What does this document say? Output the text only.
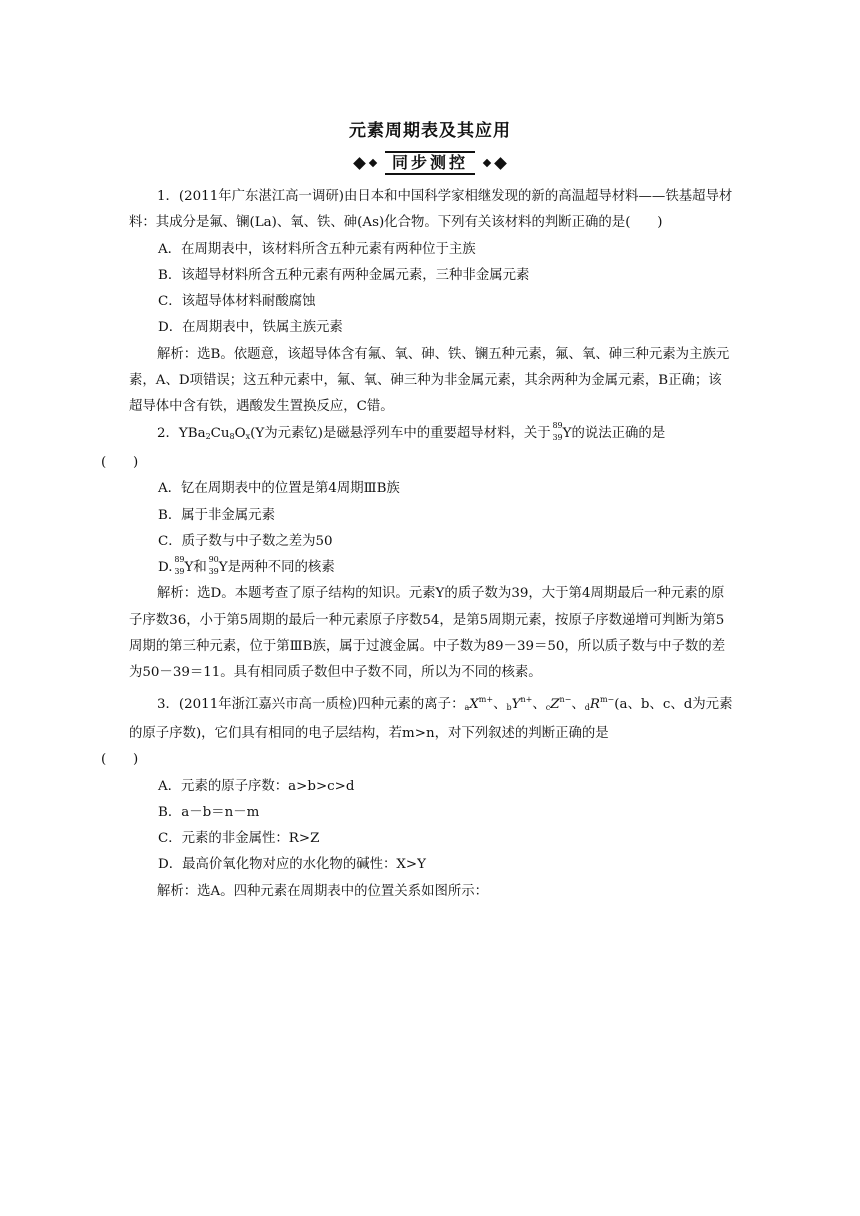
元素周期表及其应用
同步测控

1．(2011年广东湛江高一调研)由日本和中国科学家相继发现的新的高温超导材料——铁基超导材料：其成分是氟、镧(La)、氧、铁、砷(As)化合物。下列有关该材料的判断正确的是(　　)

A．在周期表中，该材料所含五种元素有两种位于主族

B．该超导材料所含五种元素有两种金属元素，三种非金属元素

C．该超导体材料耐酸腐蚀

D．在周期表中，铁属主族元素

解析：选B。依题意，该超导体含有氟、氧、砷、铁、镧五种元素，氟、氧、砷三种元素为主族元素，A、D项错误；这五种元素中，氟、氧、砷三种为非金属元素，其余两种为金属元素，B正确；该超导体中含有铁，遇酸发生置换反应，C错。

2．$YBa_2Cu_8O_x(Y$为元素钇)是磁悬浮列车中的重要超导材料，关于
89
39 Y的说法正确的是
(　　)

A．钇在周期表中的位置是第4周期ⅢB族

B．属于非金属元素

C．质子数与中子数之差为50

D.
89
39 Y和
90
39 Y是两种不同的核素

解析：选D。本题考查了原子结构的知识。元素Y的质子数为39，大于第4周期最后一种元素的原子序数36，小于第5周期的最后一种元素原子序数54，是第5周期元素，按原子序数递增可判断为第5周期的第三种元素，位于第ⅢB族，属于过渡金属。中子数为89－39＝50，所以质子数与中子数的差为50－39＝11。具有相同质子数但中子数不同，所以为不同的核素。

3．(2011年浙江嘉兴市高一质检)四种元素的离子：$_aX^{m+}$、$_bY^{n+}$、$_cZ^{n-}$、$_dR^{m-}(a$、b、c、d为元素的原子序数)，它们具有相同的电子层结构，若m>n，对下列叙述的判断正确的是
(　　)

A．元素的原子序数：a>b>c>d

B．a－b＝n－m

C．元素的非金属性：R>Z

D．最高价氧化物对应的水化物的碱性：X>Y

解析：选A。四种元素在周期表中的位置关系如图所示：
